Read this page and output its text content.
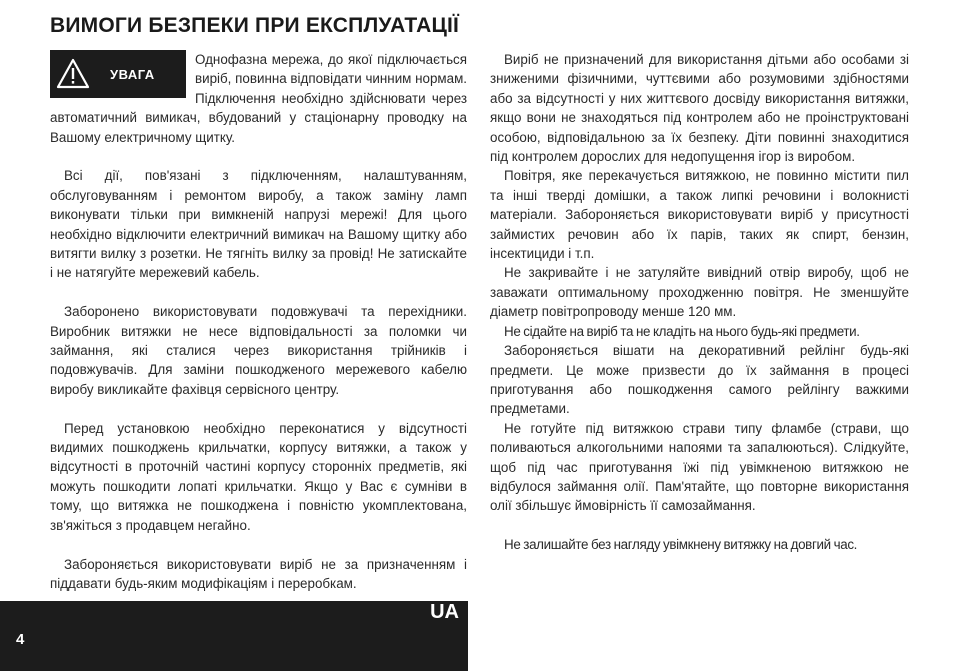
ВИМОГИ БЕЗПЕКИ ПРИ ЕКСПЛУАТАЦІЇ
УВАГА

Однофазна мережа, до якої підключається виріб, повинна відповідати чинним нормам. Підключення необхідно здійснювати через автоматичний вимикач, вбудований у стаціонарну проводку на Вашому електричному щитку.

Всі дії, пов'язані з підключенням, налаштуванням, обслуговуванням і ремонтом виробу, а також заміну ламп виконувати тільки при вимкненій напрузі мережі! Для цього необхідно відключити електричний вимикач на Вашому щитку або витягти вилку з розетки. Не тягніть вилку за провід! Не затискайте і не натягуйте мережевий кабель.

Заборонено використовувати подовжувачі та перехідники. Виробник витяжки не несе відповідальності за поломки чи займання, які сталися через використання трійників і подовжувачів. Для заміни пошкодженого мережевого кабелю виробу викликайте фахівця сервісного центру.

Перед установкою необхідно переконатися у відсутності видимих пошкоджень крильчатки, корпусу витяжки, а також у відсутності в проточній частині корпусу сторонніх предметів, які можуть пошкодити лопаті крильчатки. Якщо у Вас є сумніви в тому, що витяжка не пошкоджена і повністю укомплектована, зв'яжіться з продавцем негайно.

Забороняється використовувати виріб не за призначенням і піддавати будь-яким модифікаціям і переробкам.

Виріб не призначений для використання дітьми або особами зі зниженими фізичними, чуттєвими або розумовими здібностями або за відсутності у них життєвого досвіду використання витяжки, якщо вони не знаходяться під контролем або не проінструктовані особою, відповідальною за їх безпеку. Діти повинні знаходитися під контролем дорослих для недопущення ігор із виробом.

Повітря, яке перекачується витяжкою, не повинно містити пил та інші тверді домішки, а також липкі речовини і волокнисті матеріали. Забороняється використовувати виріб у присутності займистих речовин або їх парів, таких як спирт, бензин, інсектициди і т.п.

Не закривайте і не затуляйте вивідний отвір виробу, щоб не заважати оптимальному проходженню повітря. Не зменшуйте діаметр повітропроводу менше 120 мм.

Не сідайте на виріб та не кладіть на нього будь-які предмети.

Забороняється вішати на декоративний рейлінг будь-які предмети. Це може призвести до їх займання в процесі приготування або пошкодження самого рейлінгу важкими предметами.

Не готуйте під витяжкою страви типу фламбе (страви, що поливаються алкогольними напоями та запалюються). Слідкуйте, щоб під час приготування їжі під увімкненою витяжкою не відбулося займання олії. Пам'ятайте, що повторне використання олії збільшує ймовірність її самозаймання.

Не залишайте без нагляду увімкнену витяжку на довгий час.

UA
4
